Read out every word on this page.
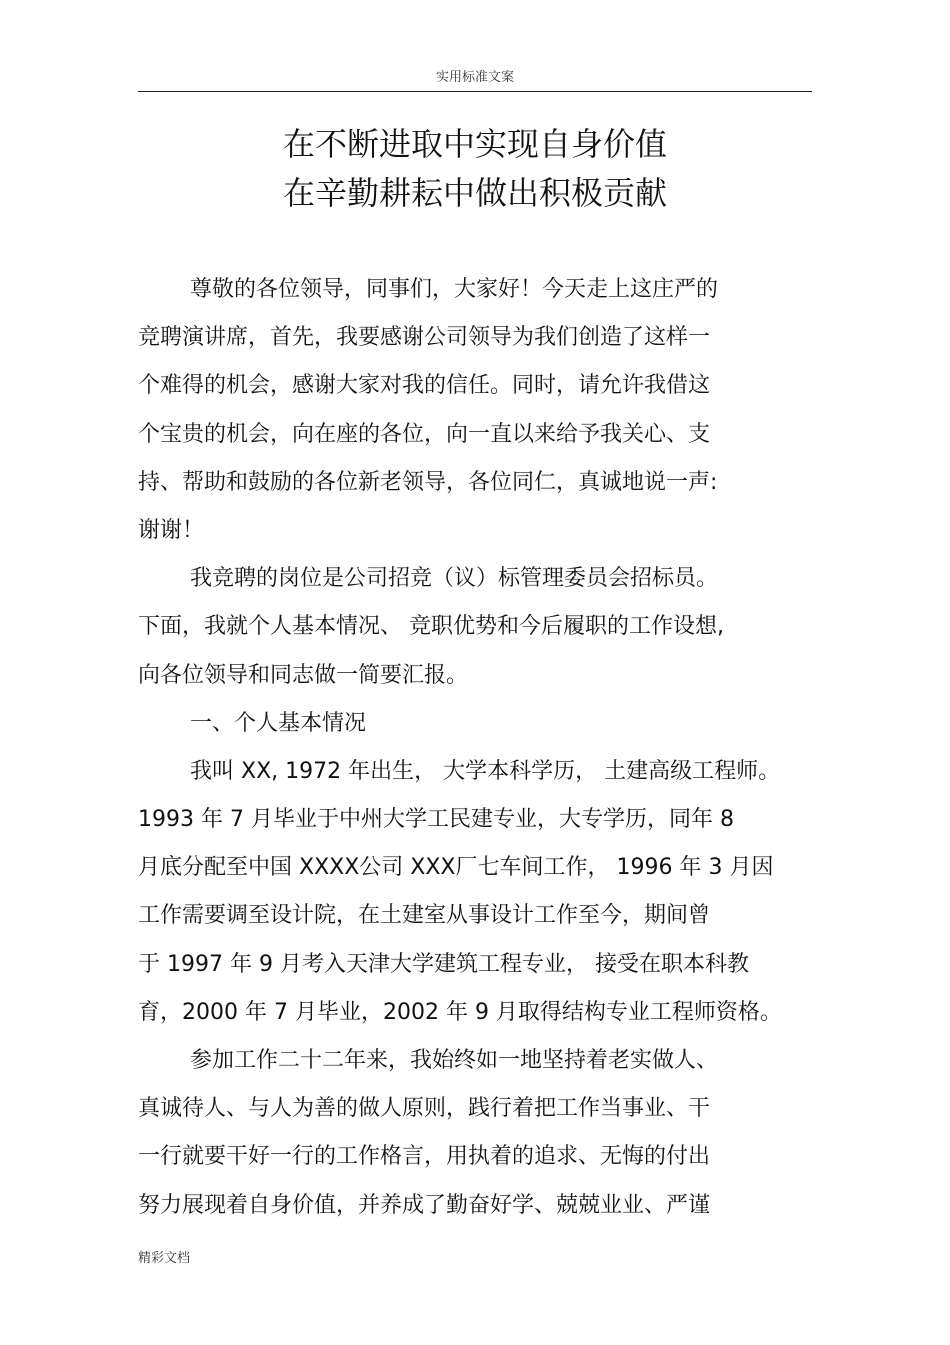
实用标准文案
在不断进取中实现自身价值
在辛勤耕耘中做出积极贡献
尊敬的各位领导，同事们，大家好！今天走上这庄严的
竞聘演讲席，首先，我要感谢公司领导为我们创造了这样一
个难得的机会，感谢大家对我的信任。同时，请允许我借这
个宝贵的机会，向在座的各位，向一直以来给予我关心、支
持、帮助和鼓励的各位新老领导，各位同仁，真诚地说一声:
谢谢！
我竞聘的岗位是公司招竞（议）标管理委员会招标员。
下面，我就个人基本情况、 竞职优势和今后履职的工作设想,
向各位领导和同志做一简要汇报。
一、个人基本情况
我叫 XX, 1972 年出生， 大学本科学历， 土建高级工程师。
1993 年 7 月毕业于中州大学工民建专业，大专学历，同年 8
月底分配至中国 XXXX公司 XXX厂七车间工作， 1996 年 3 月因
工作需要调至设计院，在土建室从事设计工作至今，期间曾
于 1997 年 9 月考入天津大学建筑工程专业， 接受在职本科教
育，2000 年 7 月毕业，2002 年 9 月取得结构专业工程师资格。
参加工作二十二年来，我始终如一地坚持着老实做人、
真诚待人、与人为善的做人原则，践行着把工作当事业、干
一行就要干好一行的工作格言，用执着的追求、无悔的付出
努力展现着自身价值，并养成了勤奋好学、兢兢业业、严谨
精彩文档
